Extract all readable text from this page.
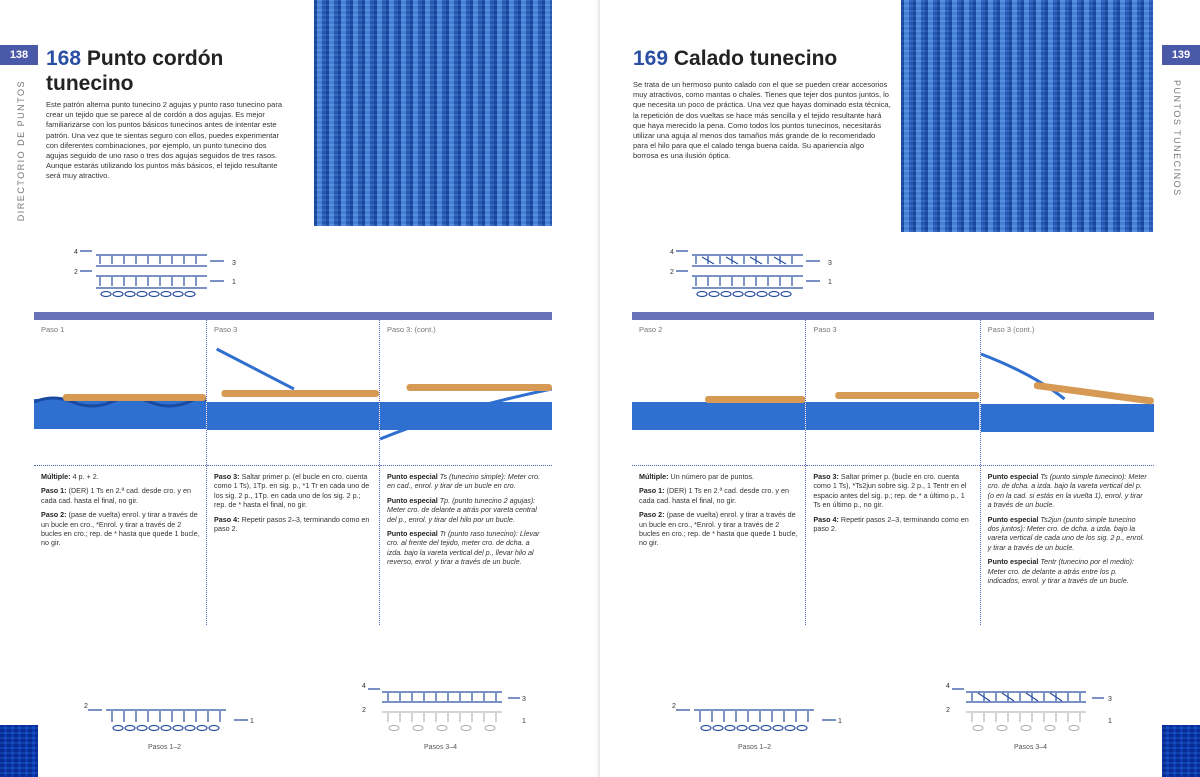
138
DIRECTORIO DE PUNTOS
168 Punto cordón tunecino

Este patrón alterna punto tunecino 2 agujas y punto raso tunecino para crear un tejido que se parece al de cordón a dos agujas. Es mejor familiarizarse con los puntos básicos tunecinos antes de intentar este patrón. Una vez que te sientas seguro con ellos, puedes experimentar con diferentes combinaciones, por ejemplo, un punto tunecino dos agujas seguido de uno raso o tres dos agujas seguidos de tres rasos. Aunque estarás utilizando los puntos más básicos, el tejido resultante será muy atractivo.

4
3
2
1
Paso 1

Múltiple: 4 p. + 2.

Paso 1: (DER) 1 Ts en 2.ª cad. desde cro. y en cada cad. hasta el final, no gir.

Paso 2: (pase de vuelta) enrol. y tirar a través de un bucle en cro., *Enrol. y tirar a través de 2 bucles en cro.; rep. de * hasta que quede 1 bucle, no gir.

Paso 3

Paso 3: Saltar primer p. (el bucle en cro. cuenta como 1 Ts), 1Tp. en sig. p., *1 Tr en cada uno de los sig. 2 p., 1Tp. en cada uno de los sig. 2 p.; rep. de * hasta el final, no gir.

Paso 4: Repetir pasos 2–3, terminando como en paso 2.

Paso 3: (cont.)

Punto especial Ts (tunecino simple): Meter cro. en cad., enrol. y tirar de un bucle en cro.

Punto especial Tp. (punto tunecino 2 agujas): Meter cro. de delante a atrás por vareta central del p., enrol. y tirar del hilo por un bucle.

Punto especial Tr (punto raso tunecino): Llevar cro. al frente del tejido, meter cro. de dcha. a izda. bajo la vareta vertical del p., llevar hilo al reverso, enrol. y tirar a través de un bucle.

2
1
Pasos 1–2
4
3
2
1
Pasos 3–4
139
PUNTOS TUNECINOS
169 Calado tunecino

Se trata de un hermoso punto calado con el que se pueden crear accesorios muy atractivos, como mantas o chales. Tienes que tejer dos puntos juntos, lo que necesita un poco de práctica. Una vez que hayas dominado esta técnica, la repetición de dos vueltas se hace más sencilla y el tejido resultante hará que haya merecido la pena. Como todos los puntos tunecinos, necesitarás utilizar una aguja al menos dos tamaños más grande de lo recomendado para el hilo para que el calado tenga buena caída. Su apariencia algo borrosa es una ilusión óptica.

4
3
2
1
Paso 2

Múltiple: Un número par de puntos.

Paso 1: (DER) 1 Ts en 2.ª cad. desde cro. y en cada cad. hasta el final, no gir.

Paso 2: (pase de vuelta) enrol. y tirar a través de un bucle en cro., *Enrol. y tirar a través de 2 bucles en cro.; rep. de * hasta que quede 1 bucle, no gir.

Paso 3

Paso 3: Saltar primer p. (bucle en cro. cuenta como 1 Ts), *Ts2jun sobre sig. 2 p., 1 Tentr en el espacio antes del sig. p.; rep. de * a último p., 1 Ts en último p., no gir.

Paso 4: Repetir pasos 2–3, terminando como en paso 2.

Paso 3 (cont.)

Punto especial Ts (punto simple tunecino): Meter cro. de dcha. a izda. bajo la vareta vertical del p. (o en la cad. si estás en la vuelta 1), enrol. y tirar a través de un bucle.

Punto especial Ts2jun (punto simple tunecino dos juntos): Meter cro. de dcha. a izda. bajo la vareta vertical de cada uno de los sig. 2 p., enrol. y tirar a través de un bucle.

Punto especial Tentr (tunecino por el medio): Meter cro. de delante a atrás entre los p. indicados, enrol. y tirar a través de un bucle.

2
1
Pasos 1–2
4
3
2
1
Pasos 3–4
